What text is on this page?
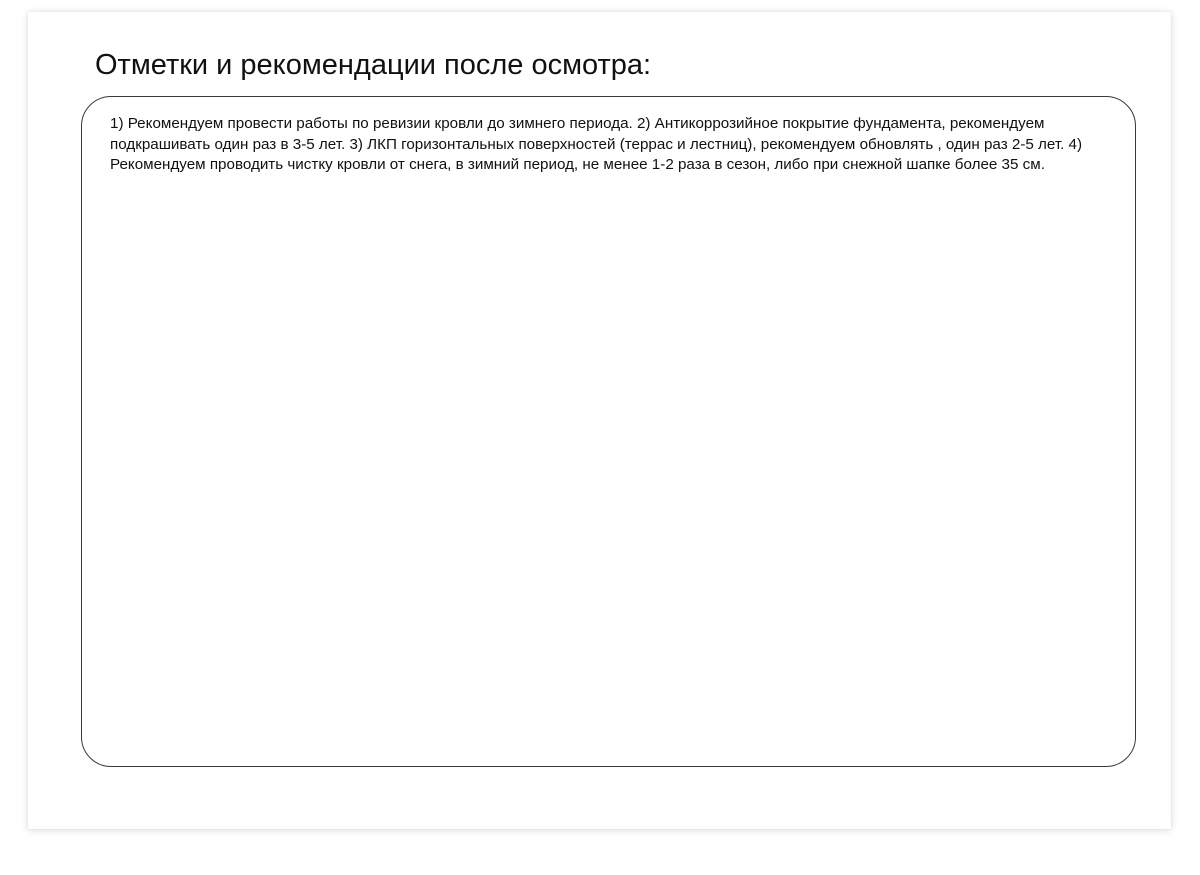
Отметки и рекомендации после осмотра:

1) Рекомендуем провести работы по ревизии кровли до зимнего периода. 2) Антикоррозийное покрытие фундамента, рекомендуем подкрашивать один раз в 3-5 лет. 3) ЛКП горизонтальных поверхностей (террас и лестниц), рекомендуем обновлять , один раз 2-5 лет. 4) Рекомендуем проводить чистку кровли от снега, в зимний период, не менее 1-2 раза в сезон, либо при снежной шапке более 35 см.
